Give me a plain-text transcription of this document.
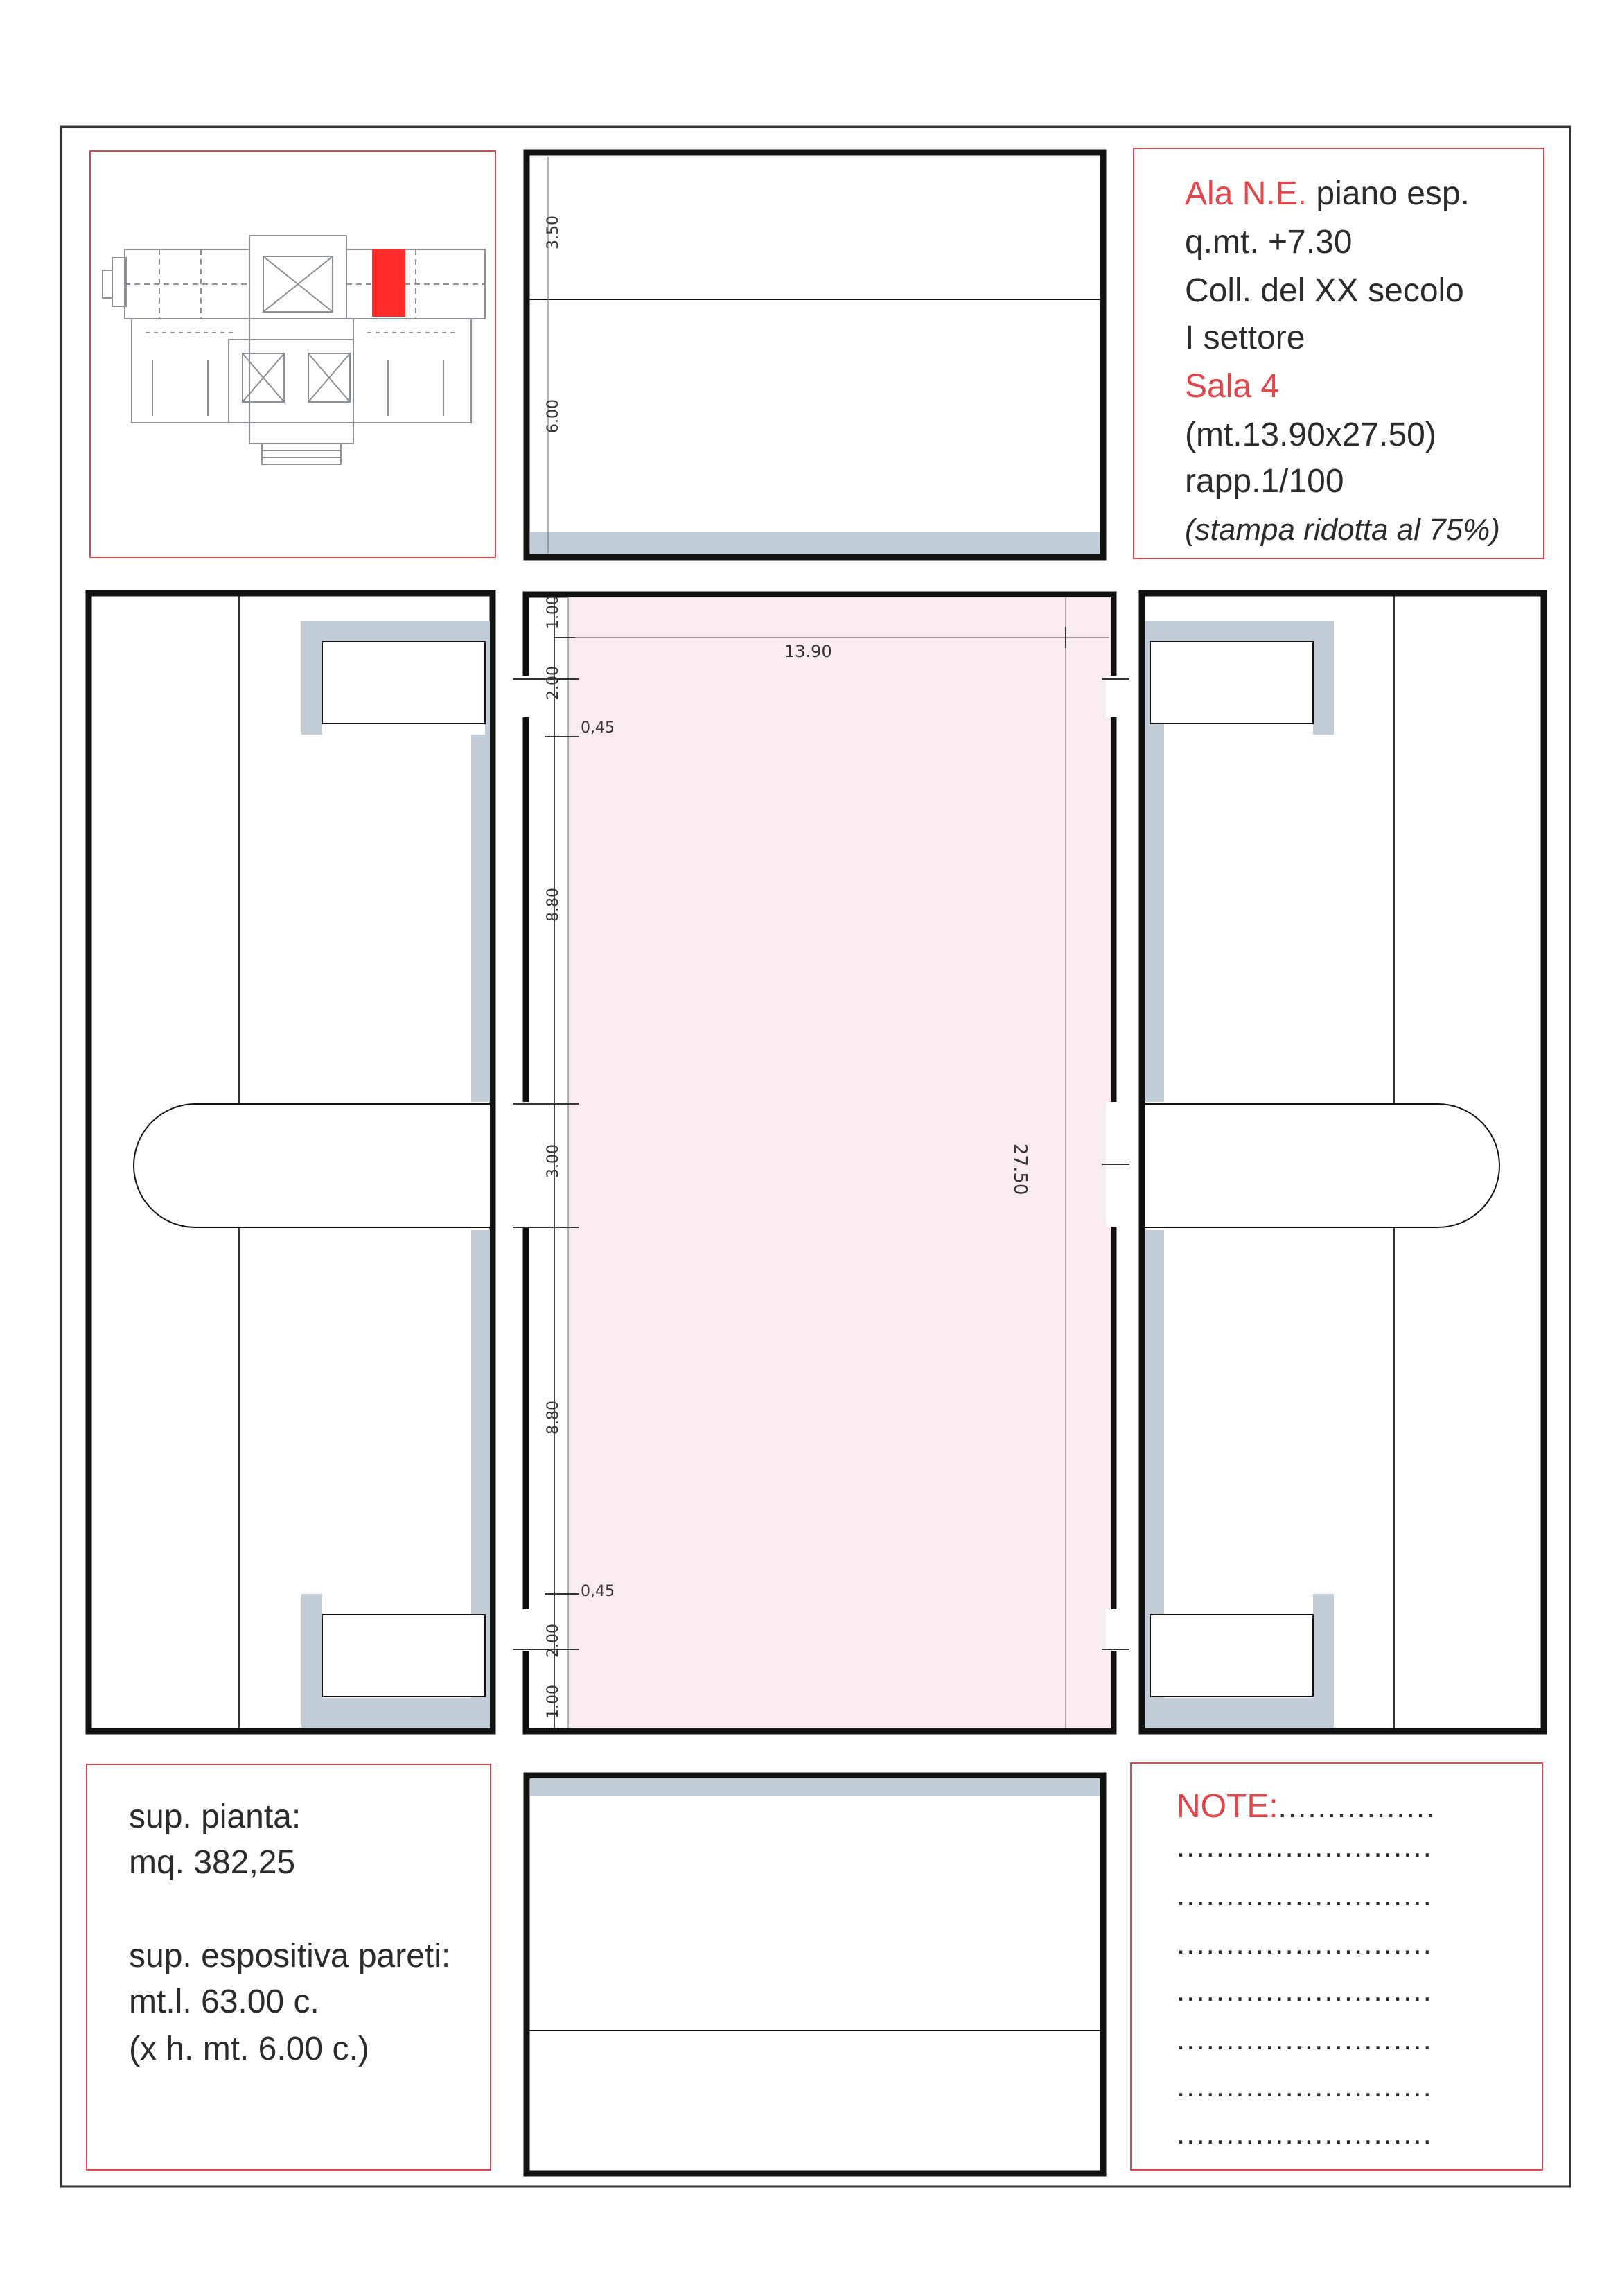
Ala N.E. piano esp.
q.mt. +7.30
Coll. del XX secolo
I settore
Sala 4
(mt.13.90x27.50)
rapp.1/100
(stampa ridotta al 75%)
3.50
6.00
13.90
27.50
1.00
2.00
0,45
8.80
3.00
8.80
0,45
2.00
1.00
sup. pianta:
mq. 382,25
sup. espositiva pareti:
mt.l. 63.00 c.
(x h. mt. 6.00 c.)
NOTE:................
..........................
..........................
..........................
..........................
..........................
..........................
..........................
